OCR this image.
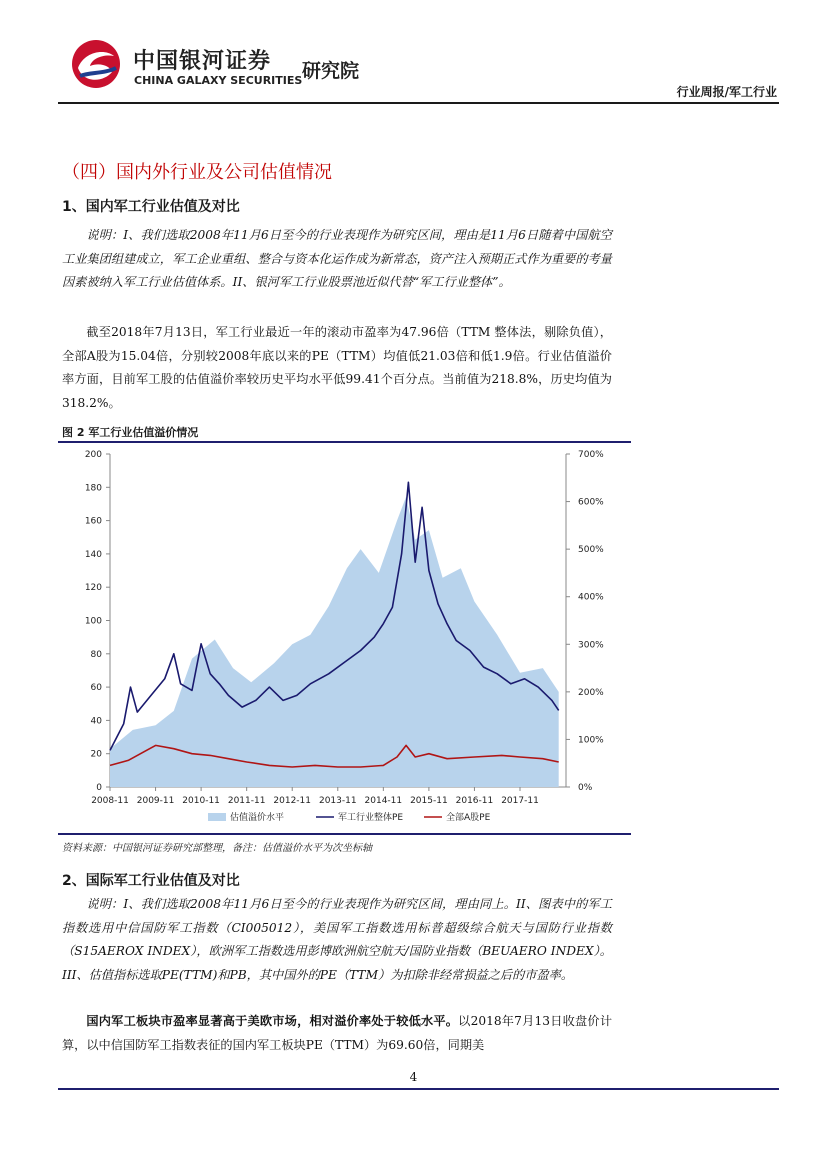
中国银河证券
CHINA GALAXY SECURITIES 研究院
行业周报/军工行业
（四）国内外行业及公司估值情况
1、国内军工行业估值及对比

说明：I、我们选取2008年11月6日至今的行业表现作为研究区间，理由是11月6日随着中国航空工业集团组建成立，军工企业重组、整合与资本化运作成为新常态，资产注入预期正式作为重要的考量因素被纳入军工行业估值体系。II、银河军工行业股票池近似代替“军工行业整体”。

截至2018年7月13日，军工行业最近一年的滚动市盈率为47.96倍（TTM 整体法，剔除负值），全部A股为15.04倍，分别较2008年底以来的PE（TTM）均值低21.03倍和低1.9倍。行业估值溢价率方面，目前军工股的估值溢价率较历史平均水平低99.41个百分点。当前值为218.8%，历史均值为318.2%。

图 2 军工行业估值溢价情况
0
20
40
60
80
100
120
140
160
180
200
0%
100%
200%
300%
400%
500%
600%
700%
2008-11 2009-11 2010-11 2011-11 2012-11 2013-11 2014-11 2015-11 2016-11 2017-11
估值溢价水平	军工行业整体PE	全部A股PE
资料来源：中国银河证券研究部整理，备注：估值溢价水平为次坐标轴
2、国际军工行业估值及对比

说明：I、我们选取2008年11月6日至今的行业表现作为研究区间，理由同上。II、图表中的军工指数选用中信国防军工指数（CI005012），美国军工指数选用标普超级综合航天与国防行业指数（S15AEROX INDEX），欧洲军工指数选用彭博欧洲航空航天/国防业指数（BEUAERO INDEX）。III、估值指标选取PE(TTM)和PB，其中国外的PE（TTM）为扣除非经常损益之后的市盈率。

国内军工板块市盈率显著高于美欧市场，相对溢价率处于较低水平。以2018年7月13日收盘价计算，以中信国防军工指数表征的国内军工板块PE（TTM）为69.60倍，同期美

4
